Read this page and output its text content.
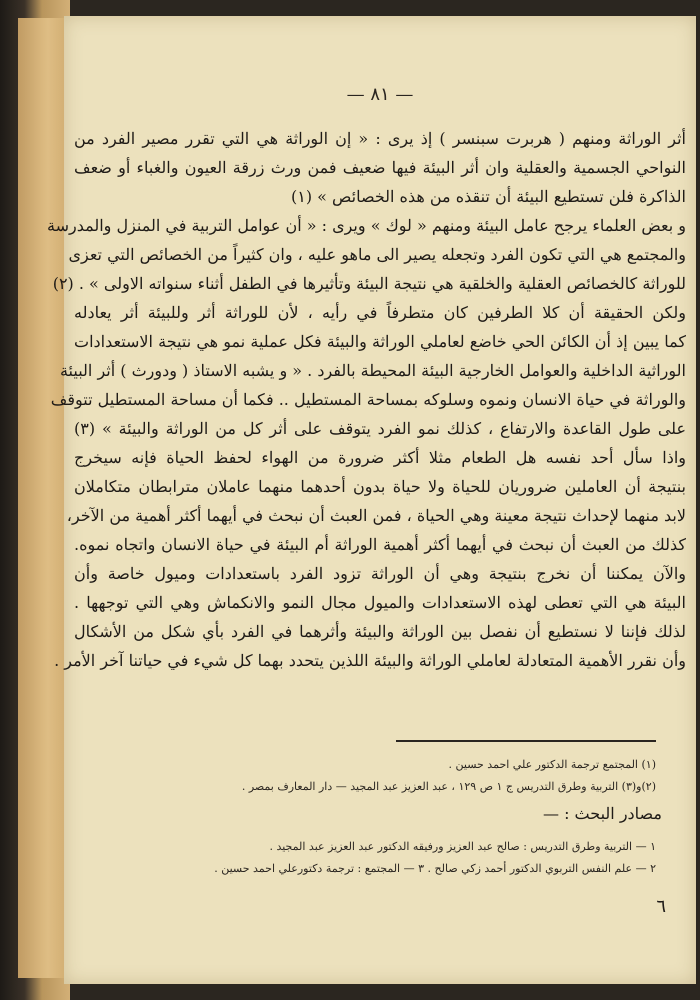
— ٨١ —
أثر الوراثة ومنهم ( هربرت سبنسر ) إذ يرى : « إن الوراثة هي التي تقرر مصير الفرد من
النواحي الجسمية والعقلية وان أثر البيئة فيها ضعيف فمن ورث زرقة العيون والغباء أو ضعف
الذاكرة فلن تستطيع البيئة أن تنقذه من هذه الخصائص » (١)
و بعض العلماء يرجح عامل البيئة ومنهم « لوك » ويرى : « أن عوامل التربية في المنزل والمدرسة
والمجتمع هي التي تكون الفرد وتجعله يصير الى ماهو عليه ، وان كثيراً من الخصائص التي تعزى
للوراثة كالخصائص العقلية والخلقية هي نتيجة البيئة وتأثيرها في الطفل أثناء سنواته الاولى » . (٢)
ولكن الحقيقة أن كلا الطرفين كان متطرفاً في رأيه ، لأن للوراثة أثر وللبيئة أثر يعادله
كما يبين إذ أن الكائن الحي خاضع لعاملي الوراثة والبيئة فكل عملية نمو هي نتيجة الاستعدادات
الوراثية الداخلية والعوامل الخارجية البيئة المحيطة بالفرد . « و يشبه الاستاذ ( ودورث ) أثر البيئة
والوراثة في حياة الانسان ونموه وسلوكه بمساحة المستطيل .. فكما أن مساحة المستطيل تتوقف
على طول القاعدة والارتفاع ، كذلك نمو الفرد يتوقف على أثر كل من الوراثة والبيئة » (٣)
واذا سأل أحد نفسه هل الطعام مثلا أكثر ضرورة من الهواء لحفظ الحياة فإنه سيخرج
بنتيجة أن العاملين ضروريان للحياة ولا حياة بدون أحدهما منهما عاملان مترابطان متكاملان
لابد منهما لإحداث نتيجة معينة وهي الحياة ، فمن العبث أن نبحث في أيهما أكثر أهمية من الآخر،
كذلك من العبث أن نبحث في أيهما أكثر أهمية الوراثة أم البيئة في حياة الانسان واتجاه نموه.
والآن يمكننا أن نخرج بنتيجة وهي أن الوراثة تزود الفرد باستعدادات وميول خاصة وأن
البيئة هي التي تعطى لهذه الاستعدادات والميول مجال النمو والانكماش وهي التي توجهها .
لذلك فإننا لا نستطيع أن نفصل بين الوراثة والبيئة وأثرهما في الفرد بأي شكل من الأشكال
وأن نقرر الأهمية المتعادلة لعاملي الوراثة والبيئة اللذين يتحدد بهما كل شيء في حياتنا آخر الأمر .
(١) المجتمع ترجمة الدكتور علي احمد حسين .
(٢)و(٣) التربية وطرق التدريس ج ١ ص ١٢٩ ، عبد العزيز عبد المجيد — دار المعارف بمصر .
مصادر البحث : —
١ — التربية وطرق التدريس : صالح عبد العزيز ورفيقه الدكتور عبد العزيز عبد المجيد .
٢ — علم النفس التربوي الدكتور أحمد زكي صالح . ٣ — المجتمع : ترجمة دكتورعلي احمد حسين .
٦
